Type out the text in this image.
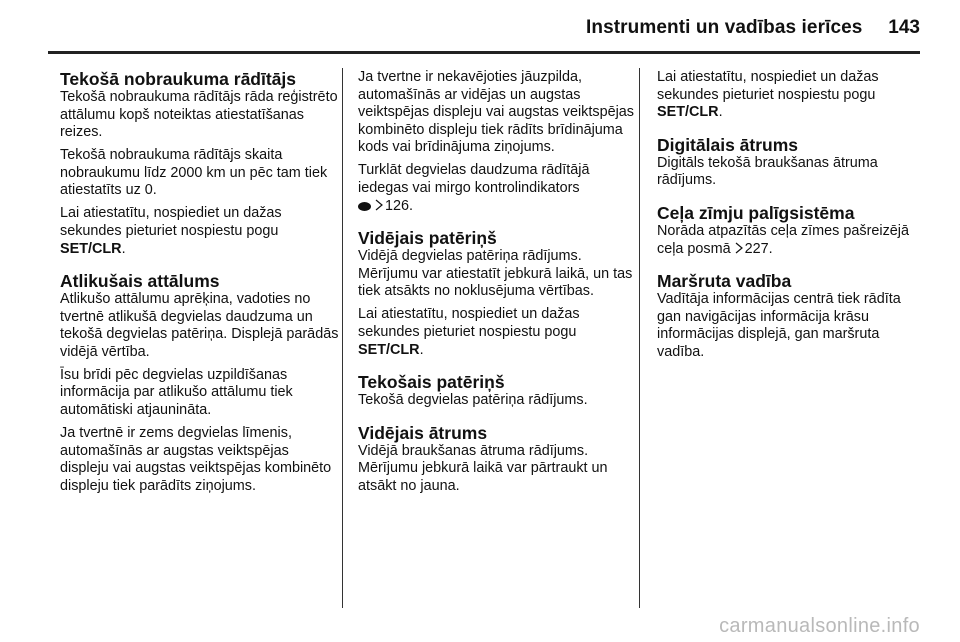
Instrumenti un vadības ierīces 143
Tekošā nobraukuma rādītājs

Tekošā nobraukuma rādītājs rāda reģistrēto attālumu kopš noteiktas atiestatīšanas reizes.

Tekošā nobraukuma rādītājs skaita nobraukumu līdz 2000 km un pēc tam tiek atiestatīts uz 0.

Lai atiestatītu, nospiediet un dažas sekundes pieturiet nospiestu pogu SET/CLR.

Atlikušais attālums

Atlikušo attālumu aprēķina, vadoties no tvertnē atlikušā degvielas daudzuma un tekošā degvielas patēriņa. Displejā parādās vidējā vērtība.

Īsu brīdi pēc degvielas uzpildīšanas informācija par atlikušo attālumu tiek automātiski atjaunināta.

Ja tvertnē ir zems degvielas līmenis, automašīnās ar augstas veiktspējas displeju vai augstas veiktspējas kombinēto displeju tiek parādīts ziņojums.

Ja tvertne ir nekavējoties jāuzpilda, automašīnās ar vidējas un augstas veiktspējas displeju vai augstas veiktspējas kombinēto displeju tiek rādīts brīdinājuma kods vai brīdinājuma ziņojums.

Turklāt degvielas daudzuma rādītājā iedegas vai mirgo kontrolindikators
126.

Vidējais patēriņš

Vidējā degvielas patēriņa rādījums. Mērījumu var atiestatīt jebkurā laikā, un tas tiek atsākts no noklusējuma vērtības.

Lai atiestatītu, nospiediet un dažas sekundes pieturiet nospiestu pogu SET/CLR.

Tekošais patēriņš

Tekošā degvielas patēriņa rādījums.

Vidējais ātrums

Vidējā braukšanas ātruma rādījums. Mērījumu jebkurā laikā var pārtraukt un atsākt no jauna.

Lai atiestatītu, nospiediet un dažas sekundes pieturiet nospiestu pogu SET/CLR.

Digitālais ātrums

Digitāls tekošā braukšanas ātruma rādījums.

Ceļa zīmju palīgsistēma

Norāda atpazītās ceļa zīmes pašreizējā ceļa posmā 227.

Maršruta vadība

Vadītāja informācijas centrā tiek rādīta gan navigācijas informācija krāsu informācijas displejā, gan maršruta vadība.

carmanualsonline.info
